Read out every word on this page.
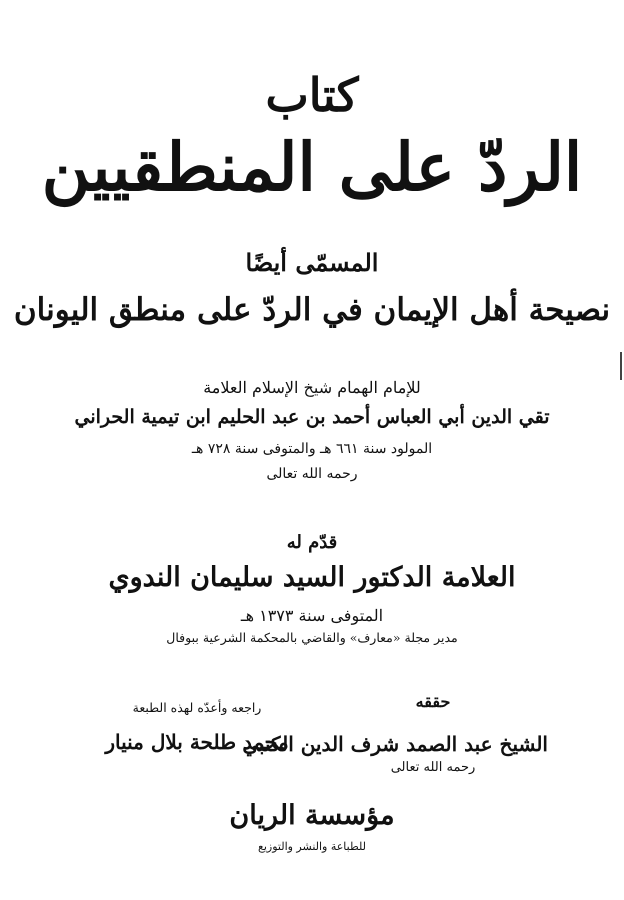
كتاب
الردّ على المنطقيين
المسمّى أيضًا
نصيحة أهل الإيمان في الردّ على منطق اليونان
للإمام الهمام شيخ الإسلام العلامة
تقي الدين أبي العباس أحمد بن عبد الحليم ابن تيمية الحراني
المولود سنة ٦٦١ هـ والمتوفى سنة ٧٢٨ هـ
رحمه الله تعالى
قدّم له
العلامة الدكتور السيد سليمان الندوي
المتوفى سنة ١٣٧٣ هـ
مدير مجلة «معارف» والقاضي بالمحكمة الشرعية ببوفال
حققه
الشيخ عبد الصمد شرف الدين الكتبي
رحمه الله تعالى
راجعه وأعدّه لهذه الطبعة
محمد طلحة بلال منيار
مؤسسة الريان
للطباعة والنشر والتوزيع
